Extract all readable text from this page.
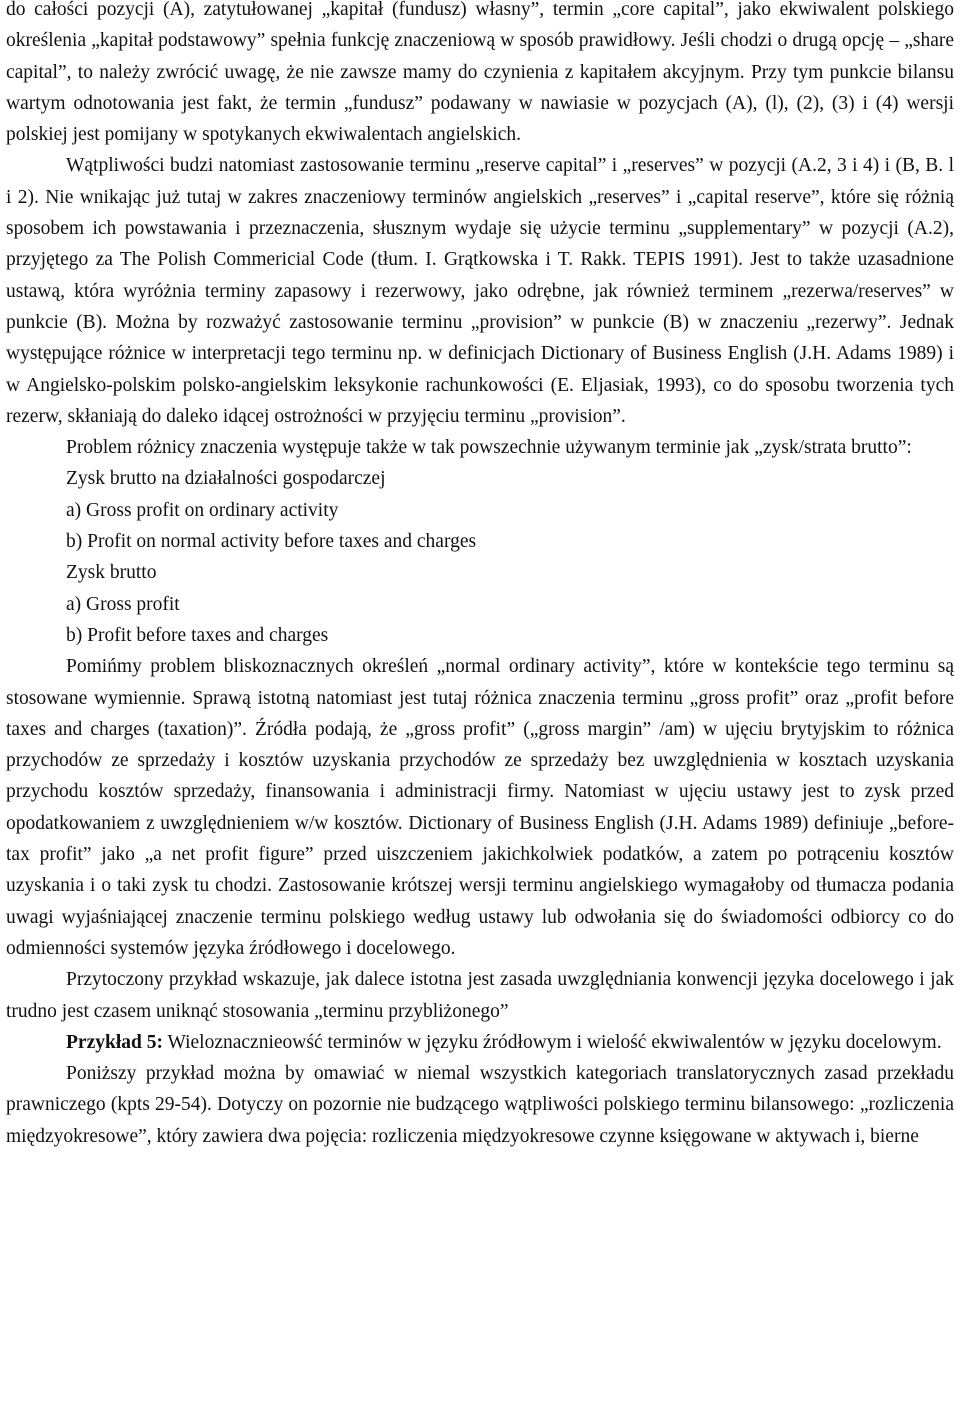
do całości pozycji (A), zatytułowanej „kapitał (fundusz) własny”, termin „core capital”, jako ekwiwalent polskiego określenia „kapitał podstawowy” spełnia funkcję znaczeniową w sposób prawidłowy. Jeśli chodzi o drugą opcję – „share capital”, to należy zwrócić uwagę, że nie zawsze mamy do czynienia z kapitałem akcyjnym. Przy tym punkcie bilansu wartym odnotowania jest fakt, że termin „fundusz” podawany w nawiasie w pozycjach (A), (l), (2), (3) i (4) wersji polskiej jest pomijany w spotykanych ekwiwalentach angielskich.

Wątpliwości budzi natomiast zastosowanie terminu „reserve capital” i „reserves” w pozycji (A.2, 3 i 4) i (B, B. l i 2). Nie wnikając już tutaj w zakres znaczeniowy terminów angielskich „reserves” i „capital reserve”, które się różnią sposobem ich powstawania i przeznaczenia, słusznym wydaje się użycie terminu „supplementary” w pozycji (A.2), przyjętego za The Polish Commericial Code (tłum. I. Grątkowska i T. Rakk. TEPIS 1991). Jest to także uzasadnione ustawą, która wyróżnia terminy zapasowy i rezerwowy, jako odrębne, jak również terminem „rezerwa/reserves” w punkcie (B). Można by rozważyć zastosowanie terminu „provision” w punkcie (B) w znaczeniu „rezerwy”. Jednak występujące różnice w interpretacji tego terminu np. w definicjach Dictionary of Business English (J.H. Adams 1989) i w Angielsko-polskim polsko-angielskim leksykonie rachunkowości (E. Eljasiak, 1993), co do sposobu tworzenia tych rezerw, skłaniają do daleko idącej ostrożności w przyjęciu terminu „provision”.

Problem różnicy znaczenia występuje także w tak powszechnie używanym terminie jak „zysk/strata brutto”:

Zysk brutto na działalności gospodarczej

a) Gross profit on ordinary activity

b) Profit on normal activity before taxes and charges

Zysk brutto

a) Gross profit

b) Profit before taxes and charges

Pomińmy problem bliskoznacznych określeń „normal ordinary activity”, które w kontekście tego terminu są stosowane wymiennie. Sprawą istotną natomiast jest tutaj różnica znaczenia terminu „gross profit” oraz „profit before taxes and charges (taxation)”. Źródła podają, że „gross profit” („gross margin” /am) w ujęciu brytyjskim to różnica przychodów ze sprzedaży i kosztów uzyskania przychodów ze sprzedaży bez uwzględnienia w kosztach uzyskania przychodu kosztów sprzedaży, finansowania i administracji firmy. Natomiast w ujęciu ustawy jest to zysk przed opodatkowaniem z uwzględnieniem w/w kosztów. Dictionary of Business English (J.H. Adams 1989) definiuje „before-tax profit” jako „a net profit figure” przed uiszczeniem jakichkolwiek podatków, a zatem po potrąceniu kosztów uzyskania i o taki zysk tu chodzi. Zastosowanie krótszej wersji terminu angielskiego wymagałoby od tłumacza podania uwagi wyjaśniającej znaczenie terminu polskiego według ustawy lub odwołania się do świadomości odbiorcy co do odmienności systemów języka źródłowego i docelowego.

Przytoczony przykład wskazuje, jak dalece istotna jest zasada uwzględniania konwencji języka docelowego i jak trudno jest czasem uniknąć stosowania „terminu przybliżonego”

Przykład 5: Wieloznacznieowść terminów w języku źródłowym i wielość ekwiwalentów w języku docelowym.

Poniższy przykład można by omawiać w niemal wszystkich kategoriach translatorycznych zasad przekładu prawniczego (kpts 29-54). Dotyczy on pozornie nie budzącego wątpliwości polskiego terminu bilansowego: „rozliczenia międzyokresowe”, który zawiera dwa pojęcia: rozliczenia międzyokresowe czynne księgowane w aktywach i, bierne
